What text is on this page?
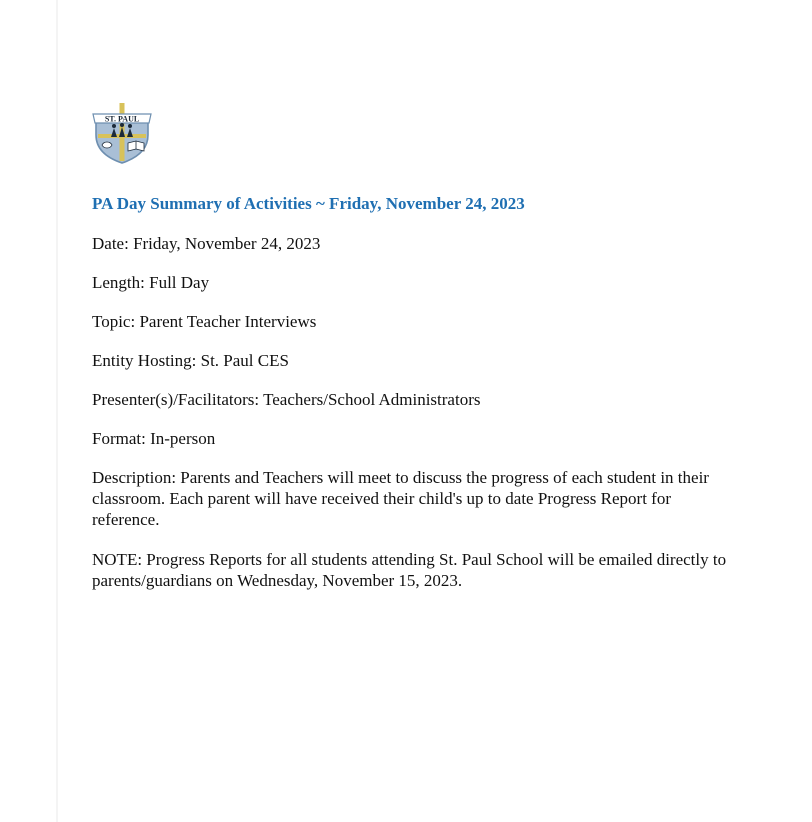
ST. PAUL

PA Day Summary of Activities ~ Friday, November 24, 2023

Date: Friday, November 24, 2023

Length: Full Day

Topic: Parent Teacher Interviews

Entity Hosting: St. Paul CES

Presenter(s)/Facilitators: Teachers/School Administrators

Format: In-person

Description: Parents and Teachers will meet to discuss the progress of each student in their classroom. Each parent will have received their child's up to date Progress Report for reference.

NOTE: Progress Reports for all students attending St. Paul School will be emailed directly to parents/guardians on Wednesday, November 15, 2023.
